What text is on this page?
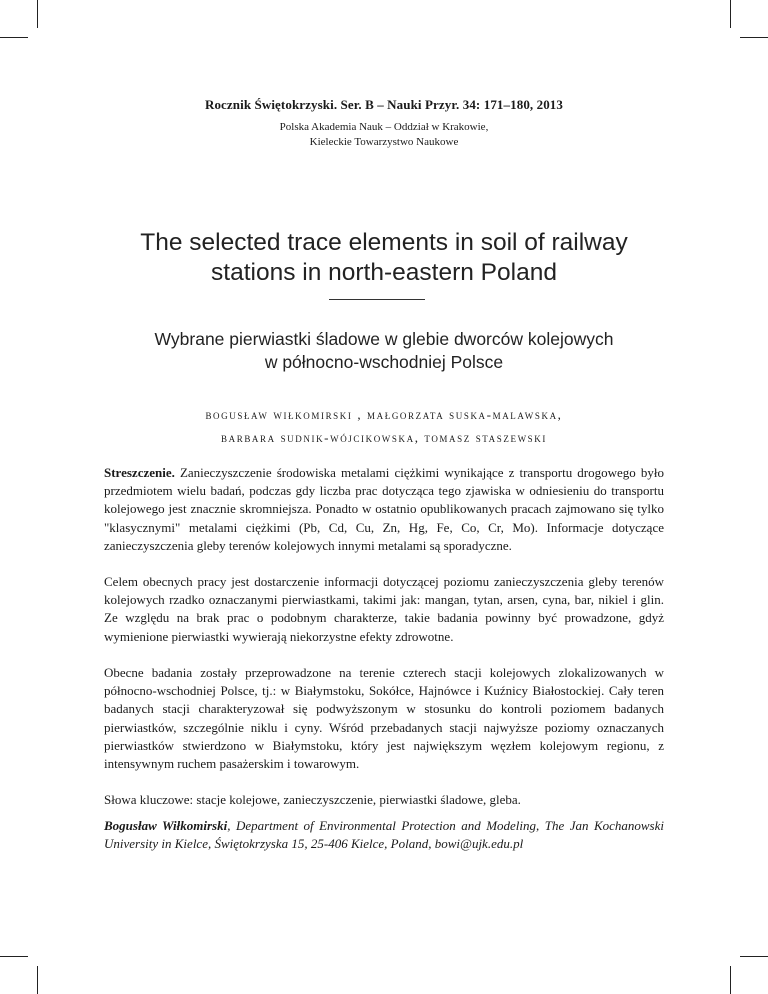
Rocznik Świętokrzyski. Ser. B – Nauki Przyr. 34: 171–180, 2013
Polska Akademia Nauk – Oddział w Krakowie,
Kieleckie Towarzystwo Naukowe
The selected trace elements in soil of railway
stations in north-eastern Poland
Wybrane pierwiastki śladowe w glebie dworców kolejowych
w północno-wschodniej Polsce
bogusław wiłkomirski , małgorzata suska-malawska,
barbara sudnik-wójcikowska, tomasz staszewski
Streszczenie. Zanieczyszczenie środowiska metalami ciężkimi wynikające z transportu drogowego było przedmiotem wielu badań, podczas gdy liczba prac dotycząca tego zjawiska w odniesieniu do transportu kolejowego jest znacznie skromniejsza. Ponadto w ostatnio opublikowanych pracach zajmowano się tylko "klasycznymi" metalami ciężkimi (Pb, Cd, Cu, Zn, Hg, Fe, Co, Cr, Mo). Informacje dotyczące zanieczyszczenia gleby terenów kolejowych innymi metalami są sporadyczne.
Celem obecnych pracy jest dostarczenie informacji dotyczącej poziomu zanieczyszczenia gleby terenów kolejowych rzadko oznaczanymi pierwiastkami, takimi jak: mangan, tytan, arsen, cyna, bar, nikiel i glin. Ze względu na brak prac o podobnym charakterze, takie badania powinny być prowadzone, gdyż wymienione pierwiastki wywierają niekorzystne efekty zdrowotne.
Obecne badania zostały przeprowadzone na terenie czterech stacji kolejowych zlokalizowanych w północno-wschodniej Polsce, tj.: w Białymstoku, Sokółce, Hajnówce i Kuźnicy Białostockiej. Cały teren badanych stacji charakteryzował się podwyższonym w stosunku do kontroli poziomem badanych pierwiastków, szczególnie niklu i cyny. Wśród przebadanych stacji najwyższe poziomy oznaczanych pierwiastków stwierdzono w Białymstoku, który jest największym węzłem kolejowym regionu, z intensywnym ruchem pasażerskim i towarowym.
Słowa kluczowe: stacje kolejowe, zanieczyszczenie, pierwiastki śladowe, gleba.
Bogusław Wiłkomirski, Department of Environmental Protection and Modeling, The Jan Kochanowski University in Kielce, Świętokrzyska 15, 25-406 Kielce, Poland, bowi@ujk.edu.pl
